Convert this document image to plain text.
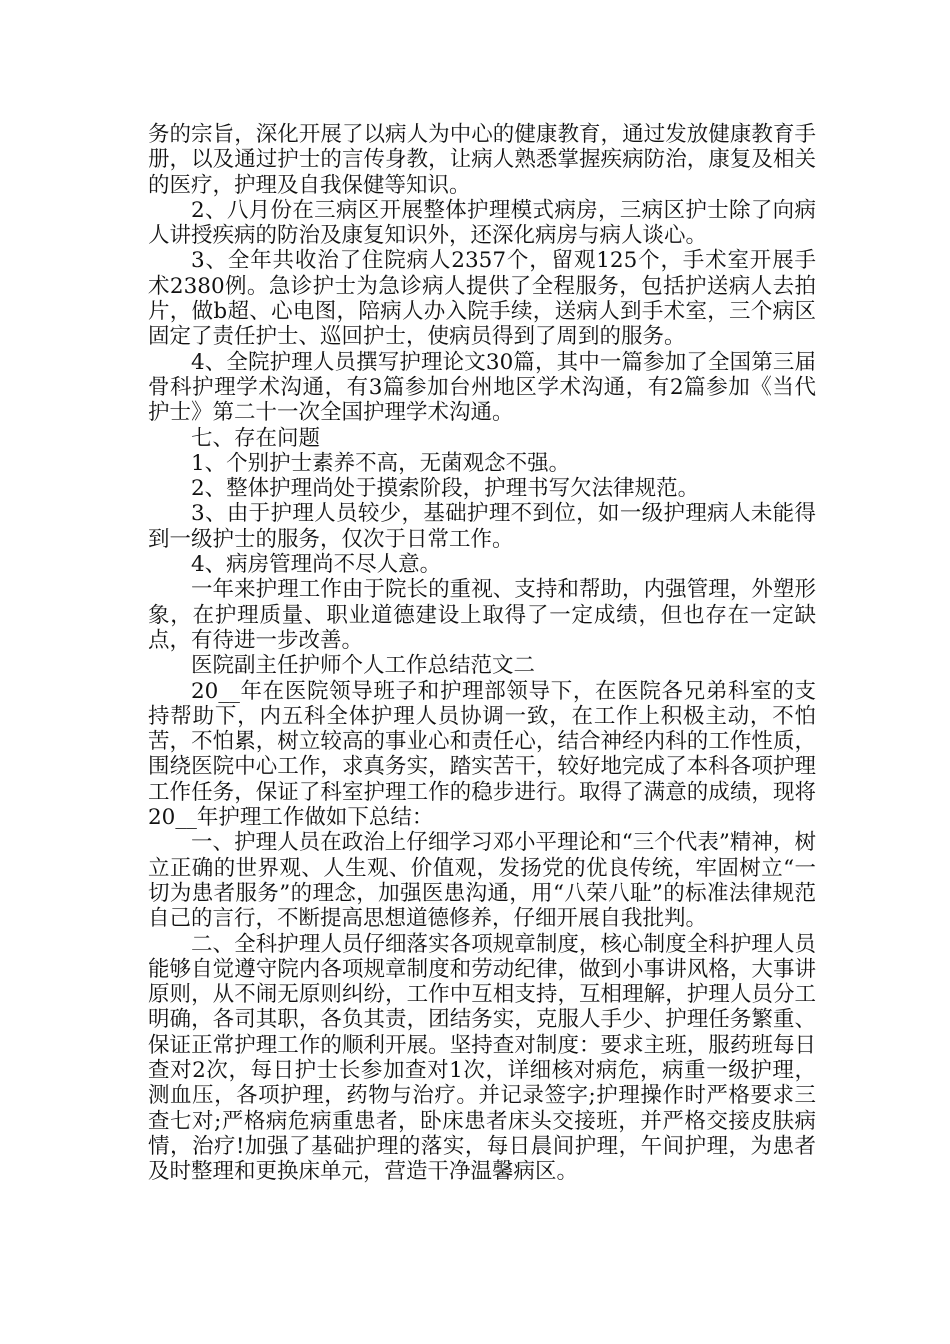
务的宗旨，深化开展了以病人为中心的健康教育，通过发放健康教育手册，以及通过护士的言传身教，让病人熟悉掌握疾病防治，康复及相关的医疗，护理及自我保健等知识。

2、八月份在三病区开展整体护理模式病房，三病区护士除了向病人讲授疾病的防治及康复知识外，还深化病房与病人谈心。

3、全年共收治了住院病人2357个，留观125个，手术室开展手术2380例。急诊护士为急诊病人提供了全程服务，包括护送病人去拍片，做b超、心电图，陪病人办入院手续，送病人到手术室，三个病区固定了责任护士、巡回护士，使病员得到了周到的服务。

4、全院护理人员撰写护理论文30篇，其中一篇参加了全国第三届骨科护理学术沟通，有3篇参加台州地区学术沟通，有2篇参加《当代护士》第二十一次全国护理学术沟通。

七、存在问题

1、个别护士素养不高，无菌观念不强。

2、整体护理尚处于摸索阶段，护理书写欠法律规范。

3、由于护理人员较少，基础护理不到位，如一级护理病人未能得到一级护士的服务，仅次于日常工作。

4、病房管理尚不尽人意。

一年来护理工作由于院长的重视、支持和帮助，内强管理，外塑形象，在护理质量、职业道德建设上取得了一定成绩，但也存在一定缺点，有待进一步改善。

医院副主任护师个人工作总结范文二

20__年在医院领导班子和护理部领导下，在医院各兄弟科室的支持帮助下，内五科全体护理人员协调一致，在工作上积极主动，不怕苦，不怕累，树立较高的事业心和责任心，结合神经内科的工作性质，围绕医院中心工作，求真务实，踏实苦干，较好地完成了本科各项护理工作任务，保证了科室护理工作的稳步进行。取得了满意的成绩，现将20__年护理工作做如下总结：

一、护理人员在政治上仔细学习邓小平理论和“三个代表”精神，树立正确的世界观、人生观、价值观，发扬党的优良传统，牢固树立“一切为患者服务”的理念，加强医患沟通，用“八荣八耻”的标准法律规范自己的言行，不断提高思想道德修养，仔细开展自我批判。

二、全科护理人员仔细落实各项规章制度，核心制度全科护理人员能够自觉遵守院内各项规章制度和劳动纪律，做到小事讲风格，大事讲原则，从不闹无原则纠纷，工作中互相支持，互相理解，护理人员分工明确，各司其职，各负其责，团结务实，克服人手少、护理任务繁重、保证正常护理工作的顺利开展。坚持查对制度：要求主班，服药班每日查对2次，每日护士长参加查对1次，详细核对病危，病重一级护理，测血压，各项护理，药物与治疗。并记录签字;护理操作时严格要求三查七对;严格病危病重患者，卧床患者床头交接班，并严格交接皮肤病情，治疗!加强了基础护理的落实，每日晨间护理，午间护理，为患者及时整理和更换床单元，营造干净温馨病区。
